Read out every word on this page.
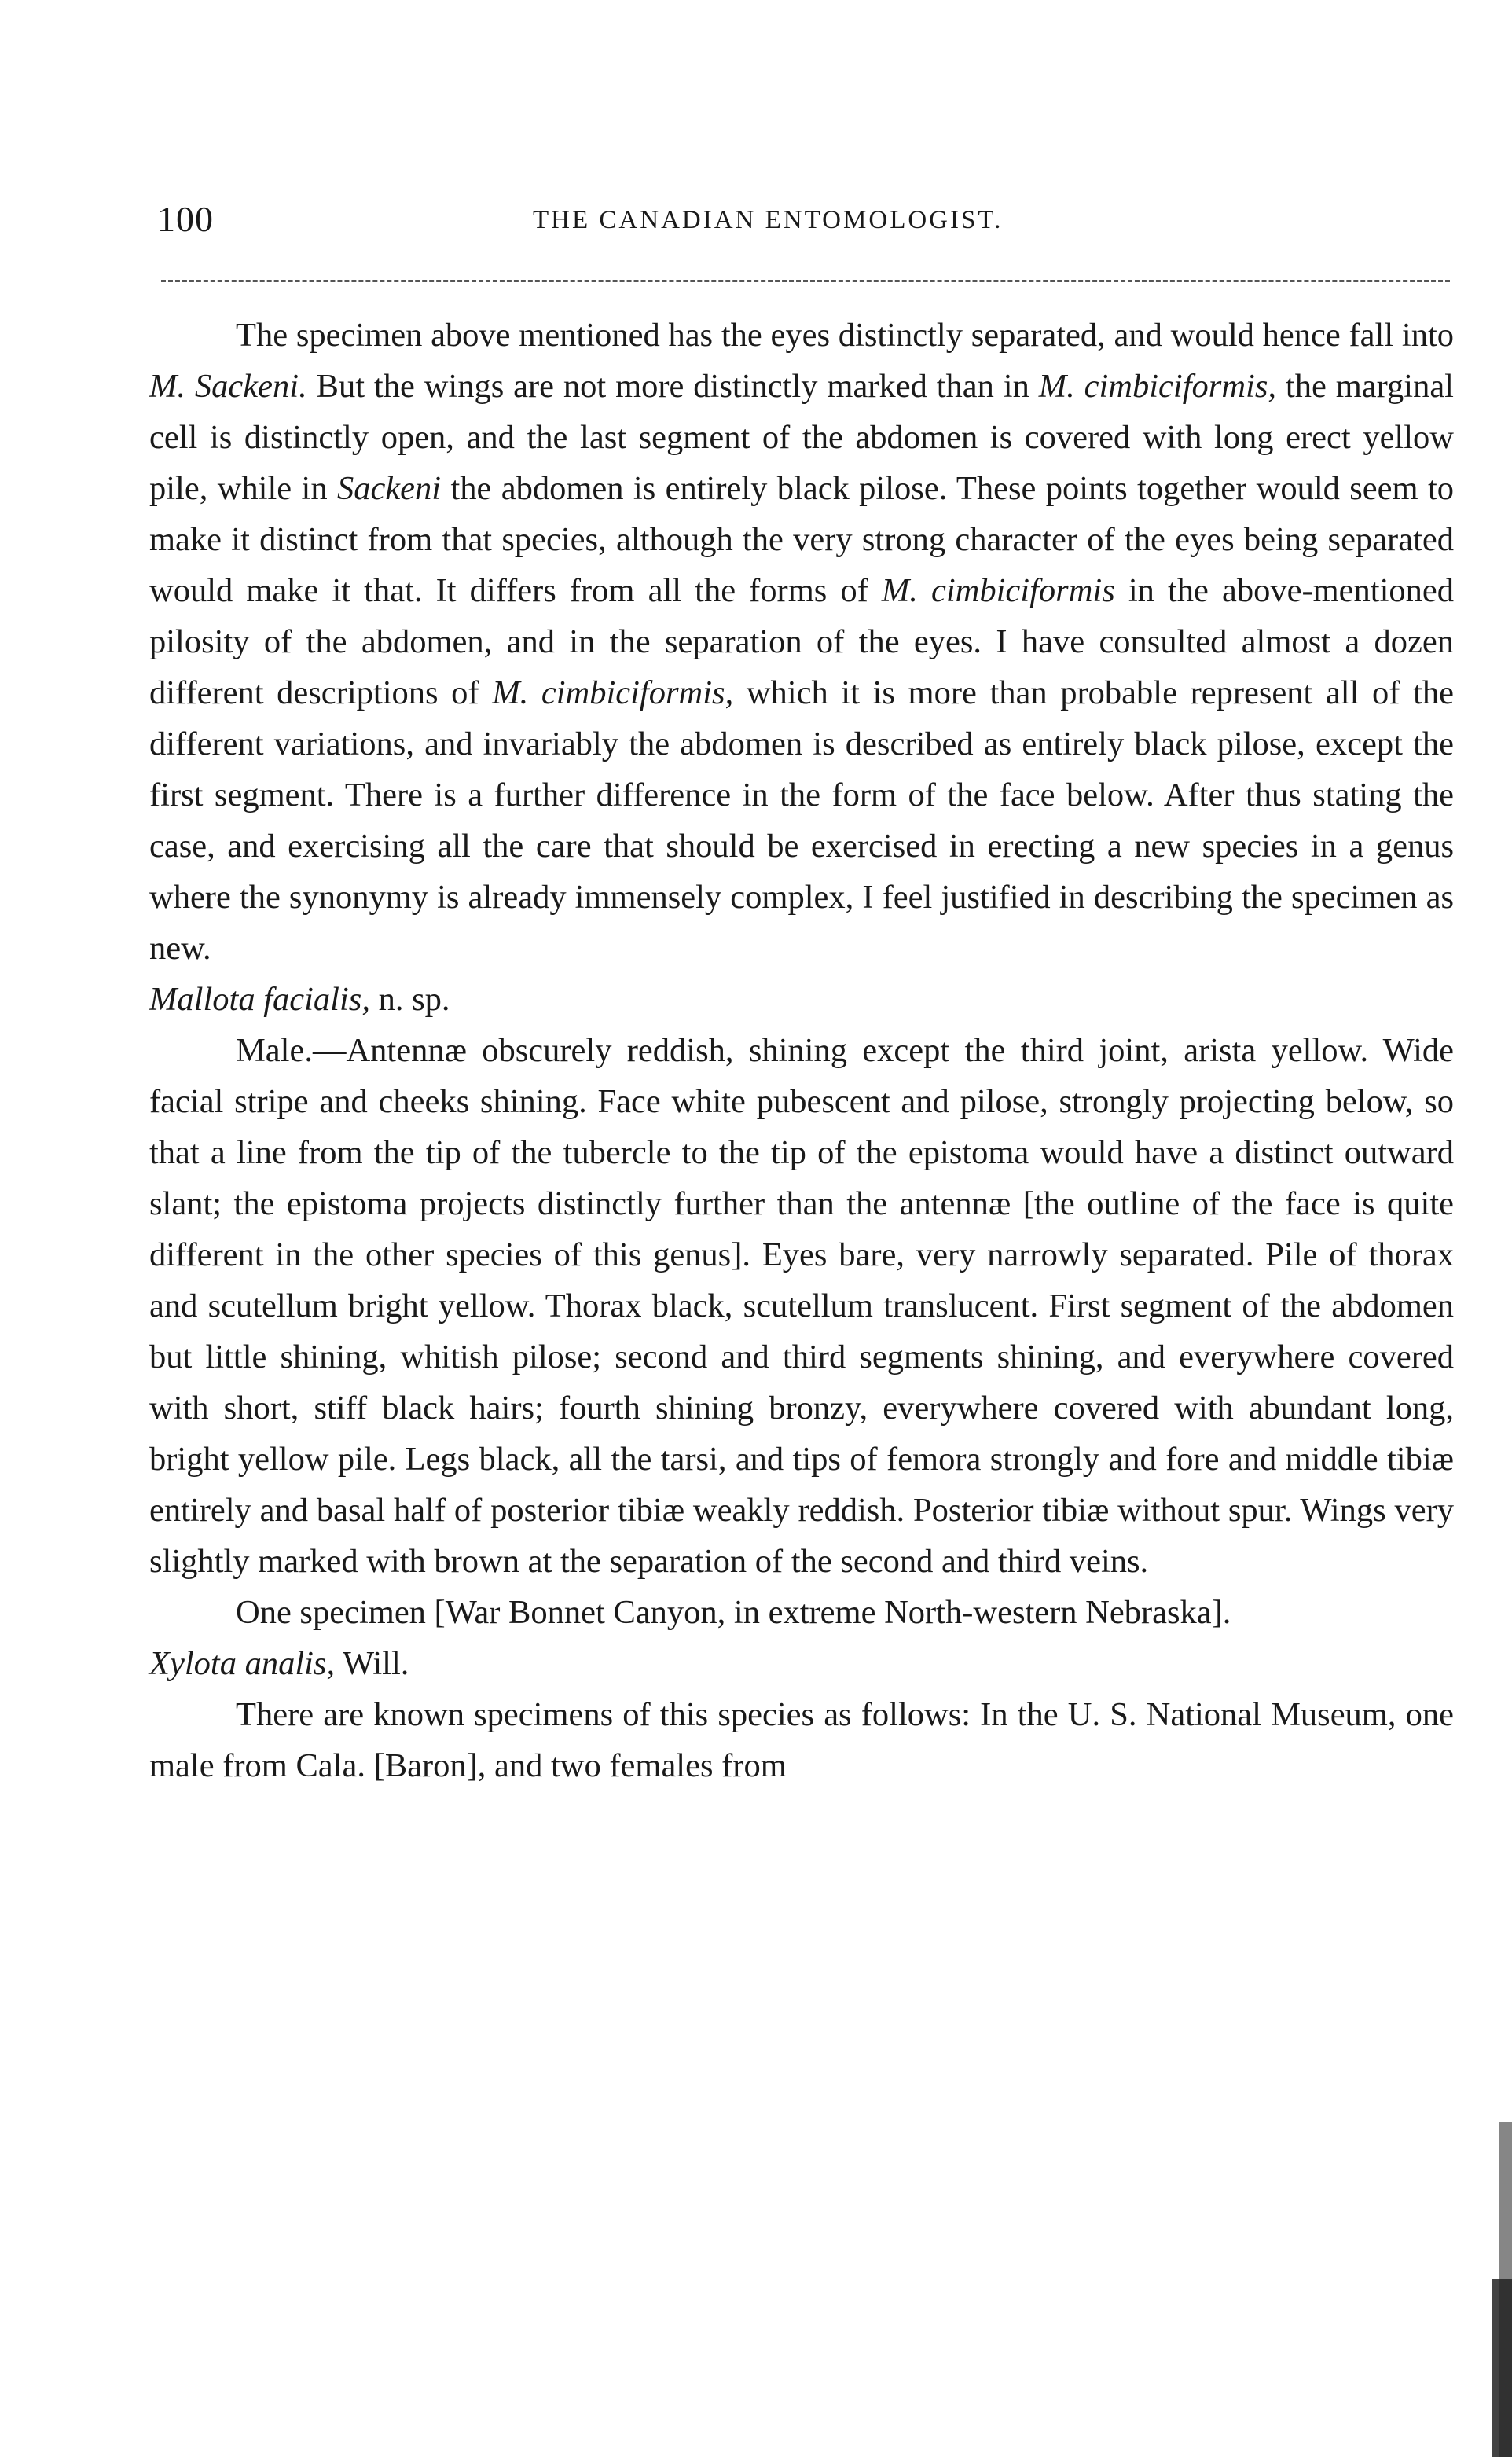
100	THE CANADIAN ENTOMOLOGIST.

The specimen above mentioned has the eyes distinctly separated, and would hence fall into M. Sackeni. But the wings are not more distinctly marked than in M. cimbiciformis, the marginal cell is distinctly open, and the last segment of the abdomen is covered with long erect yellow pile, while in Sackeni the abdomen is entirely black pilose. These points together would seem to make it distinct from that species, although the very strong character of the eyes being separated would make it that. It differs from all the forms of M. cimbiciformis in the above-mentioned pilosity of the abdomen, and in the separation of the eyes. I have consulted almost a dozen different descriptions of M. cimbiciformis, which it is more than probable represent all of the different variations, and invariably the abdomen is described as entirely black pilose, except the first segment. There is a further difference in the form of the face below. After thus stating the case, and exercising all the care that should be exercised in erecting a new species in a genus where the synonymy is already immensely complex, I feel justified in describing the specimen as new.

Mallota facialis, n. sp.

Male.—Antennæ obscurely reddish, shining except the third joint, arista yellow. Wide facial stripe and cheeks shining. Face white pubescent and pilose, strongly projecting below, so that a line from the tip of the tubercle to the tip of the epistoma would have a distinct outward slant; the epistoma projects distinctly further than the antennæ [the outline of the face is quite different in the other species of this genus]. Eyes bare, very narrowly separated. Pile of thorax and scutellum bright yellow. Thorax black, scutellum translucent. First segment of the abdomen but little shining, whitish pilose; second and third segments shining, and everywhere covered with short, stiff black hairs; fourth shining bronzy, everywhere covered with abundant long, bright yellow pile. Legs black, all the tarsi, and tips of femora strongly and fore and middle tibiæ entirely and basal half of posterior tibiæ weakly reddish. Posterior tibiæ without spur. Wings very slightly marked with brown at the separation of the second and third veins.

One specimen [War Bonnet Canyon, in extreme North-western Nebraska].

Xylota analis, Will.

There are known specimens of this species as follows: In the U. S. National Museum, one male from Cala. [Baron], and two females from
